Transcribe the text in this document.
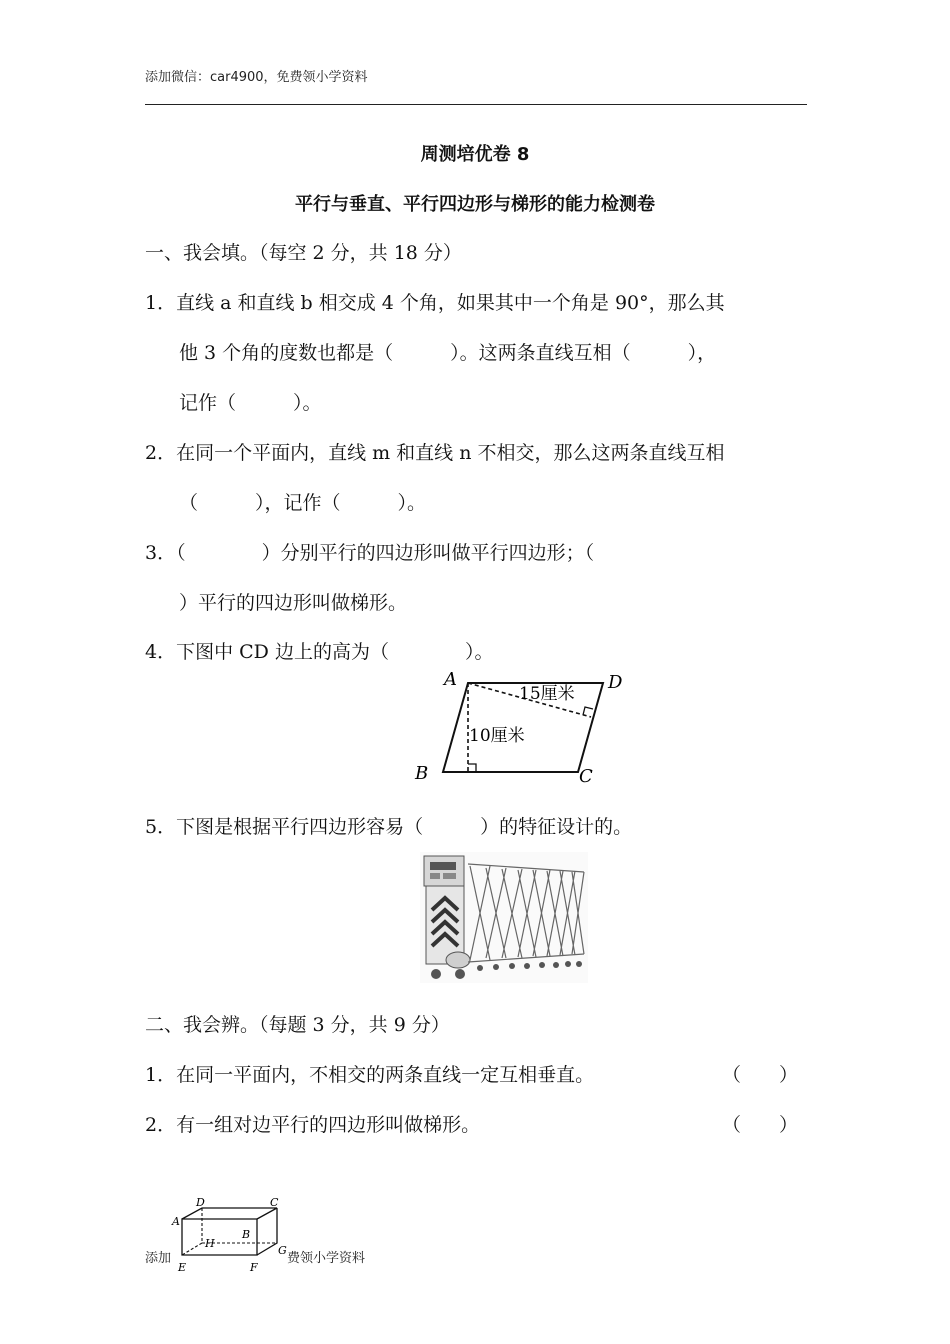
添加微信：car4900，免费领小学资料
周测培优卷 8
平行与垂直、平行四边形与梯形的能力检测卷
一、我会填。（每空 2 分，共 18 分）
1．直线 a 和直线 b 相交成 4 个角，如果其中一个角是 90°，那么其
他 3 个角的度数也都是（　　　）。这两条直线互相（　　　），
记作（　　　）。
2．在同一个平面内，直线 m 和直线 n 不相交，那么这两条直线互相
（　　　），记作（　　　）。
3．（　　　　）分别平行的四边形叫做平行四边形；（
）平行的四边形叫做梯形。
4．下图中 CD 边上的高为（　　　　）。
A	D
B	C
15厘米
10厘米
5．下图是根据平行四边形容易（　　　）的特征设计的。
二、我会辨。（每题 3 分，共 9 分）
1．在同一平面内，不相交的两条直线一定互相垂直。	（　　）
2．有一组对边平行的四边形叫做梯形。	（　　）
添加	费领小学资料
A
D	C
B
H
G
E	F
